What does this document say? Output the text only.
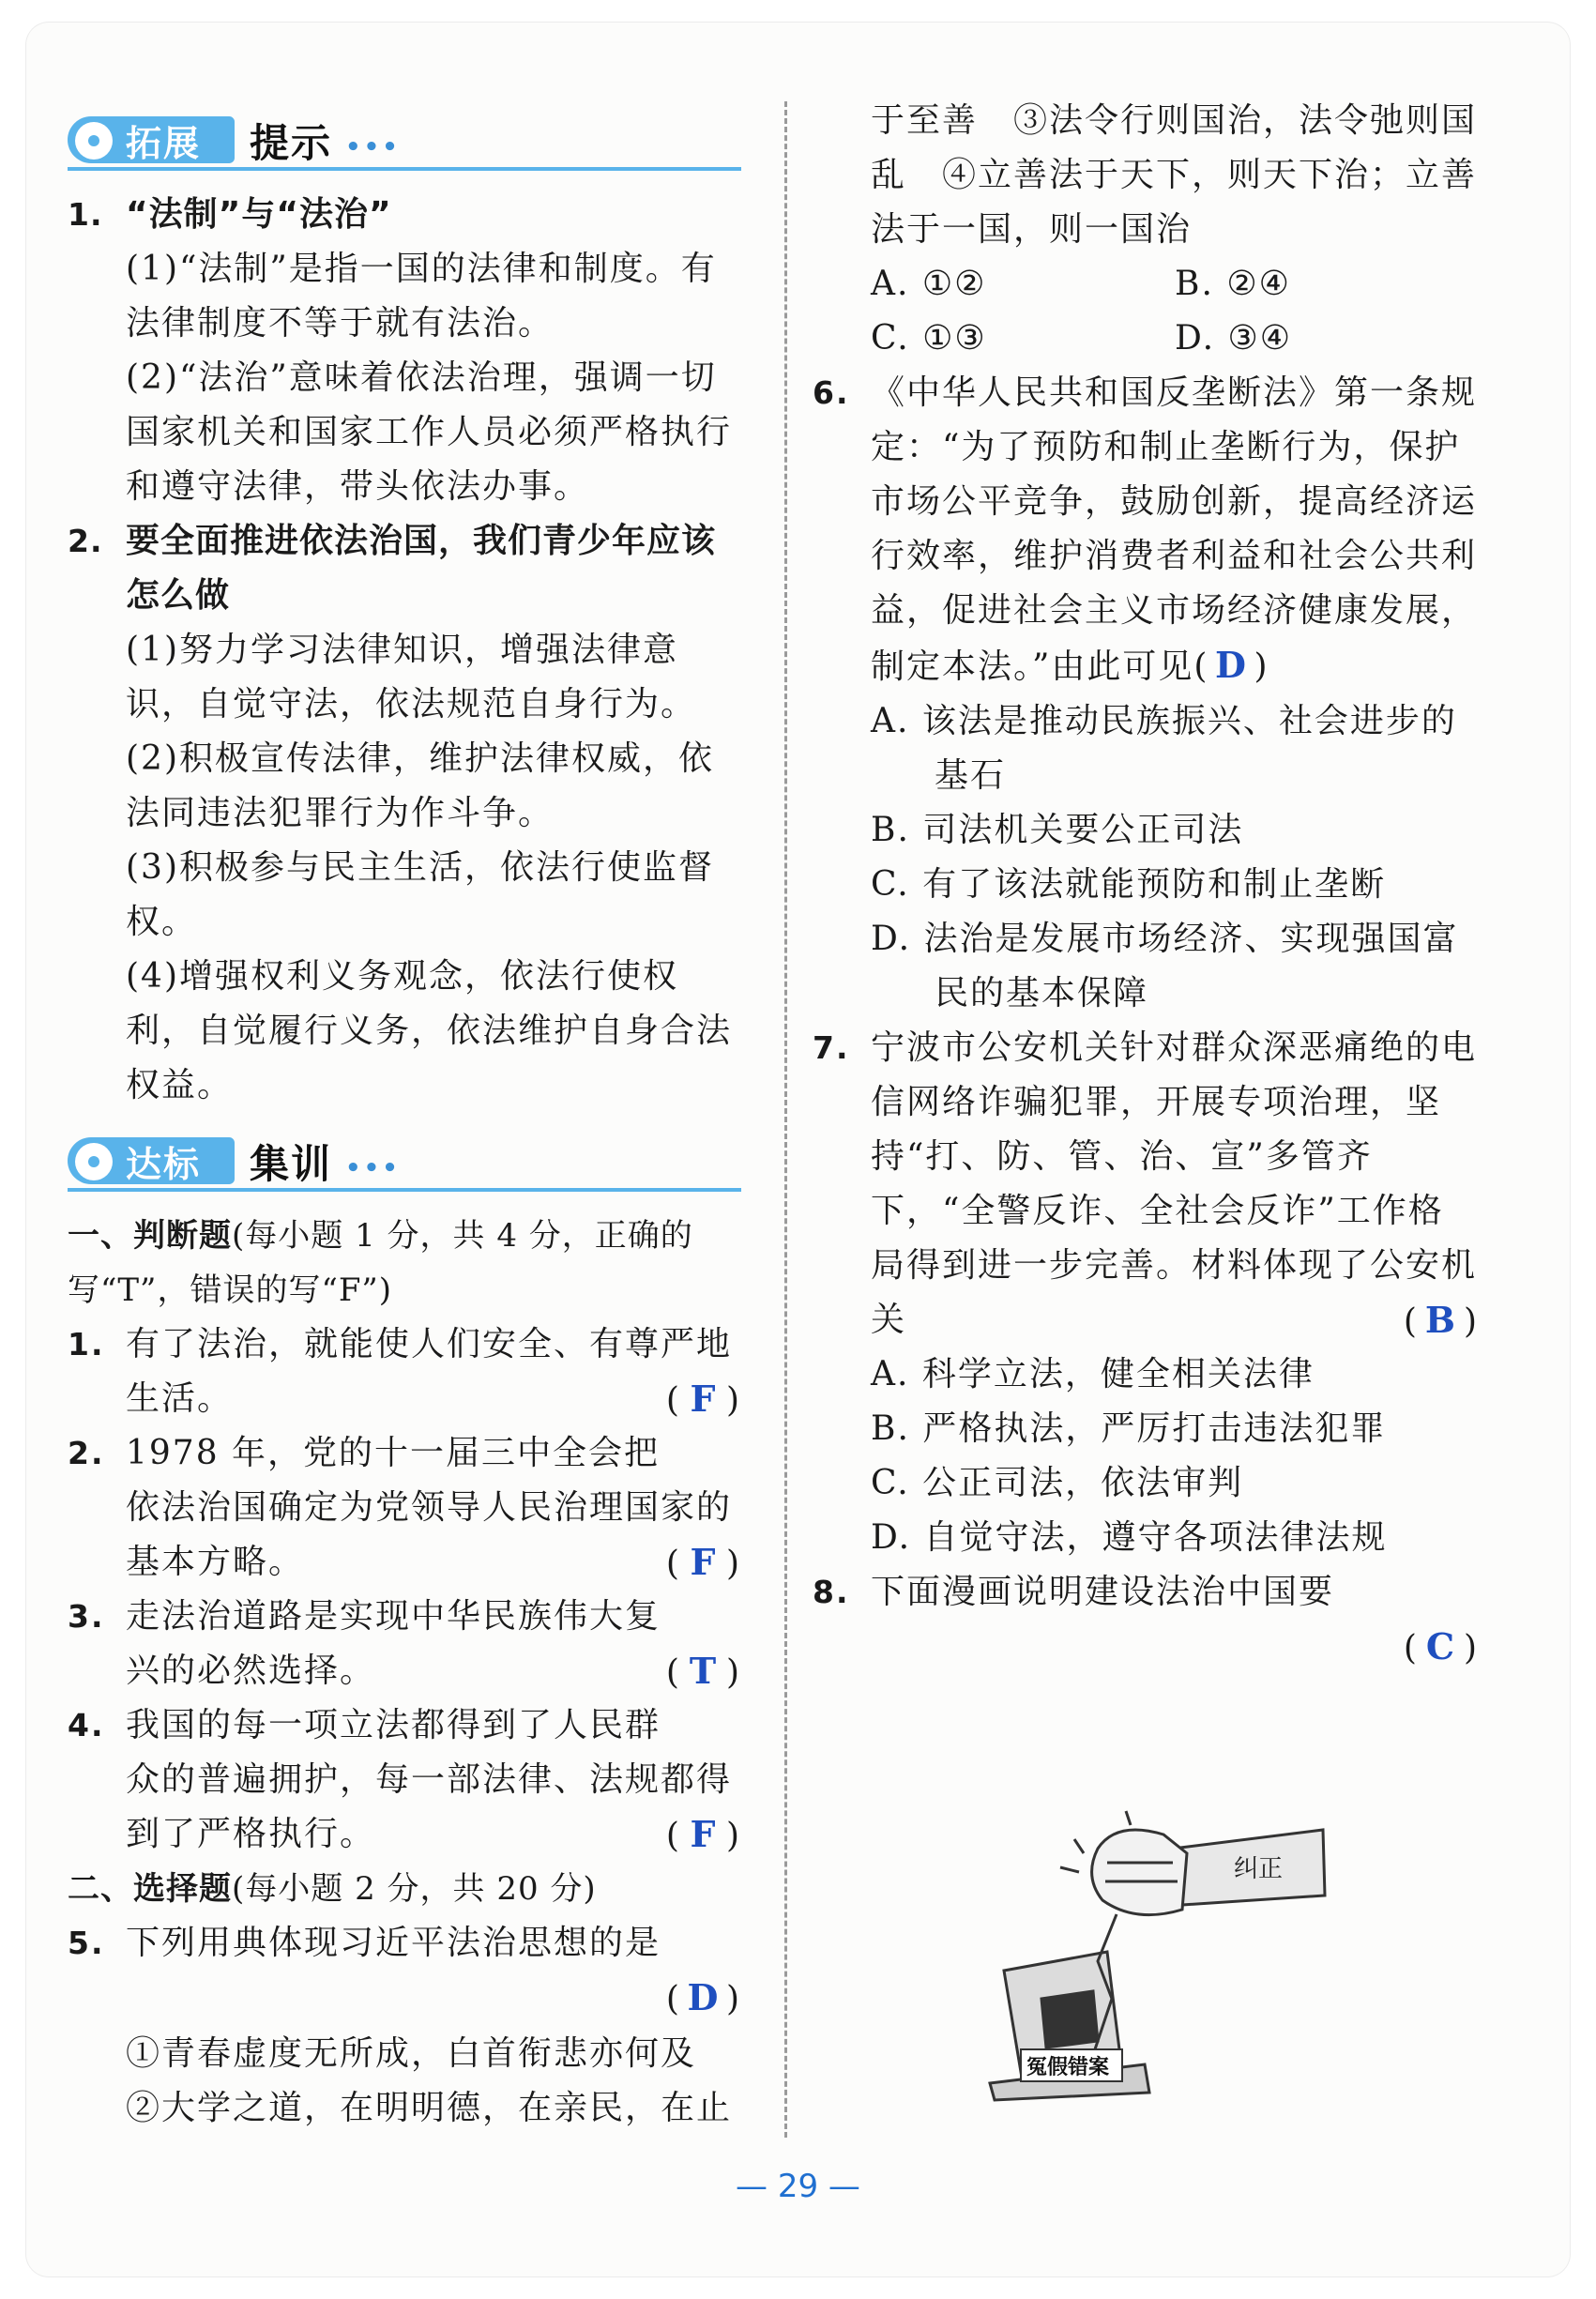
拓展 提示 •••

1. “法制”与“法治”

(1)“法制”是指一国的法律和制度。有法律制度不等于就有法治。

(2)“法治”意味着依法治理，强调一切国家机关和国家工作人员必须严格执行和遵守法律，带头依法办事。

2. 要全面推进依法治国，我们青少年应该怎么做

(1)努力学习法律知识，增强法律意识，自觉守法，依法规范自身行为。

(2)积极宣传法律，维护法律权威，依法同违法犯罪行为作斗争。

(3)积极参与民主生活，依法行使监督权。

(4)增强权利义务观念，依法行使权利，自觉履行义务，依法维护自身合法权益。

达标 集训 •••

一、判断题(每小题 1 分，共 4 分，正确的写“T”，错误的写“F”)

1. 有了法治，就能使人们安全、有尊严地生活。	( F )

2. 1978 年，党的十一届三中全会把依法治国确定为党领导人民治理国家的基本方略。	( F )

3. 走法治道路是实现中华民族伟大复兴的必然选择。	( T )

4. 我国的每一项立法都得到了人民群众的普遍拥护，每一部法律、法规都得到了严格执行。	( F )

二、选择题(每小题 2 分，共 20 分)

5. 下列用典体现习近平法治思想的是

( D )

①青春虚度无所成，白首衔悲亦何及 ②大学之道，在明明德，在亲民，在止

于至善　③法令行则国治，法令弛则国乱　④立善法于天下，则天下治；立善法于一国，则一国治

A. ①②	B. ②④
C. ①③	D. ③④

6. 《中华人民共和国反垄断法》第一条规定：“为了预防和制止垄断行为，保护市场公平竞争，鼓励创新，提高经济运行效率，维护消费者利益和社会公共利益，促进社会主义市场经济健康发展，制定本法。”由此可见( D )

A. 该法是推动民族振兴、社会进步的基石

B. 司法机关要公正司法

C. 有了该法就能预防和制止垄断

D. 法治是发展市场经济、实现强国富民的基本保障

7. 宁波市公安机关针对群众深恶痛绝的电信网络诈骗犯罪，开展专项治理，坚持“打、防、管、治、宣”多管齐下，“全警反诈、全社会反诈”工作格局得到进一步完善。材料体现了公安机关	( B )

A. 科学立法，健全相关法律

B. 严格执法，严厉打击违法犯罪

C. 公正司法，依法审判

D. 自觉守法，遵守各项法律法规

8. 下面漫画说明建设法治中国要

( C )

纠正
冤假错案
— 29 —
